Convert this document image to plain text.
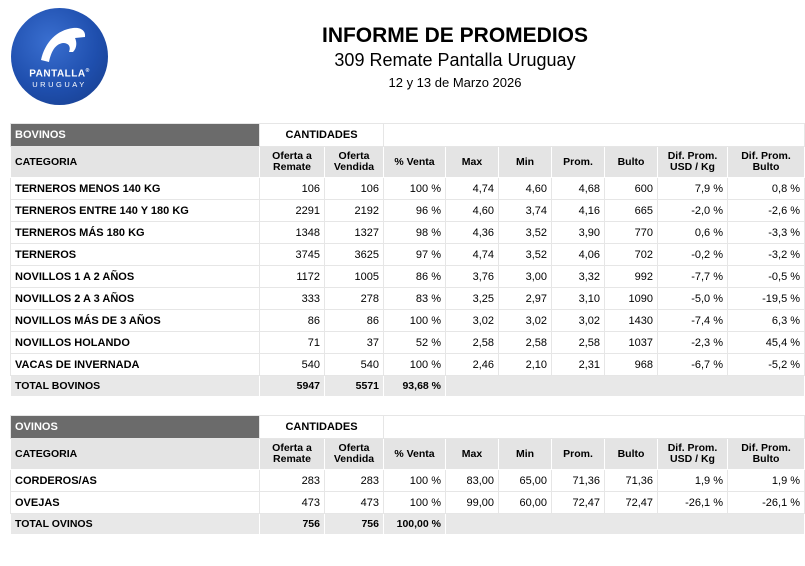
PANTALLA®
URUGUAY
INFORME DE PROMEDIOS
309 Remate Pantalla Uruguay
12 y 13 de Marzo 2026
BOVINOS	CANTIDADES								
CATEGORIA	Oferta a Remate	Oferta Vendida	% Venta	Max	Min	Prom.	Bulto	Dif. Prom. USD / Kg	Dif. Prom. Bulto
TERNEROS MENOS 140 KG	106	106	100 %	4,74	4,60	4,68	600	7,9 %	0,8 %
TERNEROS ENTRE 140 Y 180 KG	2291	2192	96 %	4,60	3,74	4,16	665	-2,0 %	-2,6 %
TERNEROS MÁS 180 KG	1348	1327	98 %	4,36	3,52	3,90	770	0,6 %	-3,3 %
TERNEROS	3745	3625	97 %	4,74	3,52	4,06	702	-0,2 %	-3,2 %
NOVILLOS 1 A 2 AÑOS	1172	1005	86 %	3,76	3,00	3,32	992	-7,7 %	-0,5 %
NOVILLOS 2 A 3 AÑOS	333	278	83 %	3,25	2,97	3,10	1090	-5,0 %	-19,5 %
NOVILLOS MÁS DE 3 AÑOS	86	86	100 %	3,02	3,02	3,02	1430	-7,4 %	6,3 %
NOVILLOS HOLANDO	71	37	52 %	2,58	2,58	2,58	1037	-2,3 %	45,4 %
VACAS DE INVERNADA	540	540	100 %	2,46	2,10	2,31	968	-6,7 %	-5,2 %
TOTAL BOVINOS	5947	5571	93,68 %						
OVINOS	CANTIDADES								
CATEGORIA	Oferta a Remate	Oferta Vendida	% Venta	Max	Min	Prom.	Bulto	Dif. Prom. USD / Kg	Dif. Prom. Bulto
CORDEROS/AS	283	283	100 %	83,00	65,00	71,36	71,36	1,9 %	1,9 %
OVEJAS	473	473	100 %	99,00	60,00	72,47	72,47	-26,1 %	-26,1 %
TOTAL OVINOS	756	756	100,00 %						
